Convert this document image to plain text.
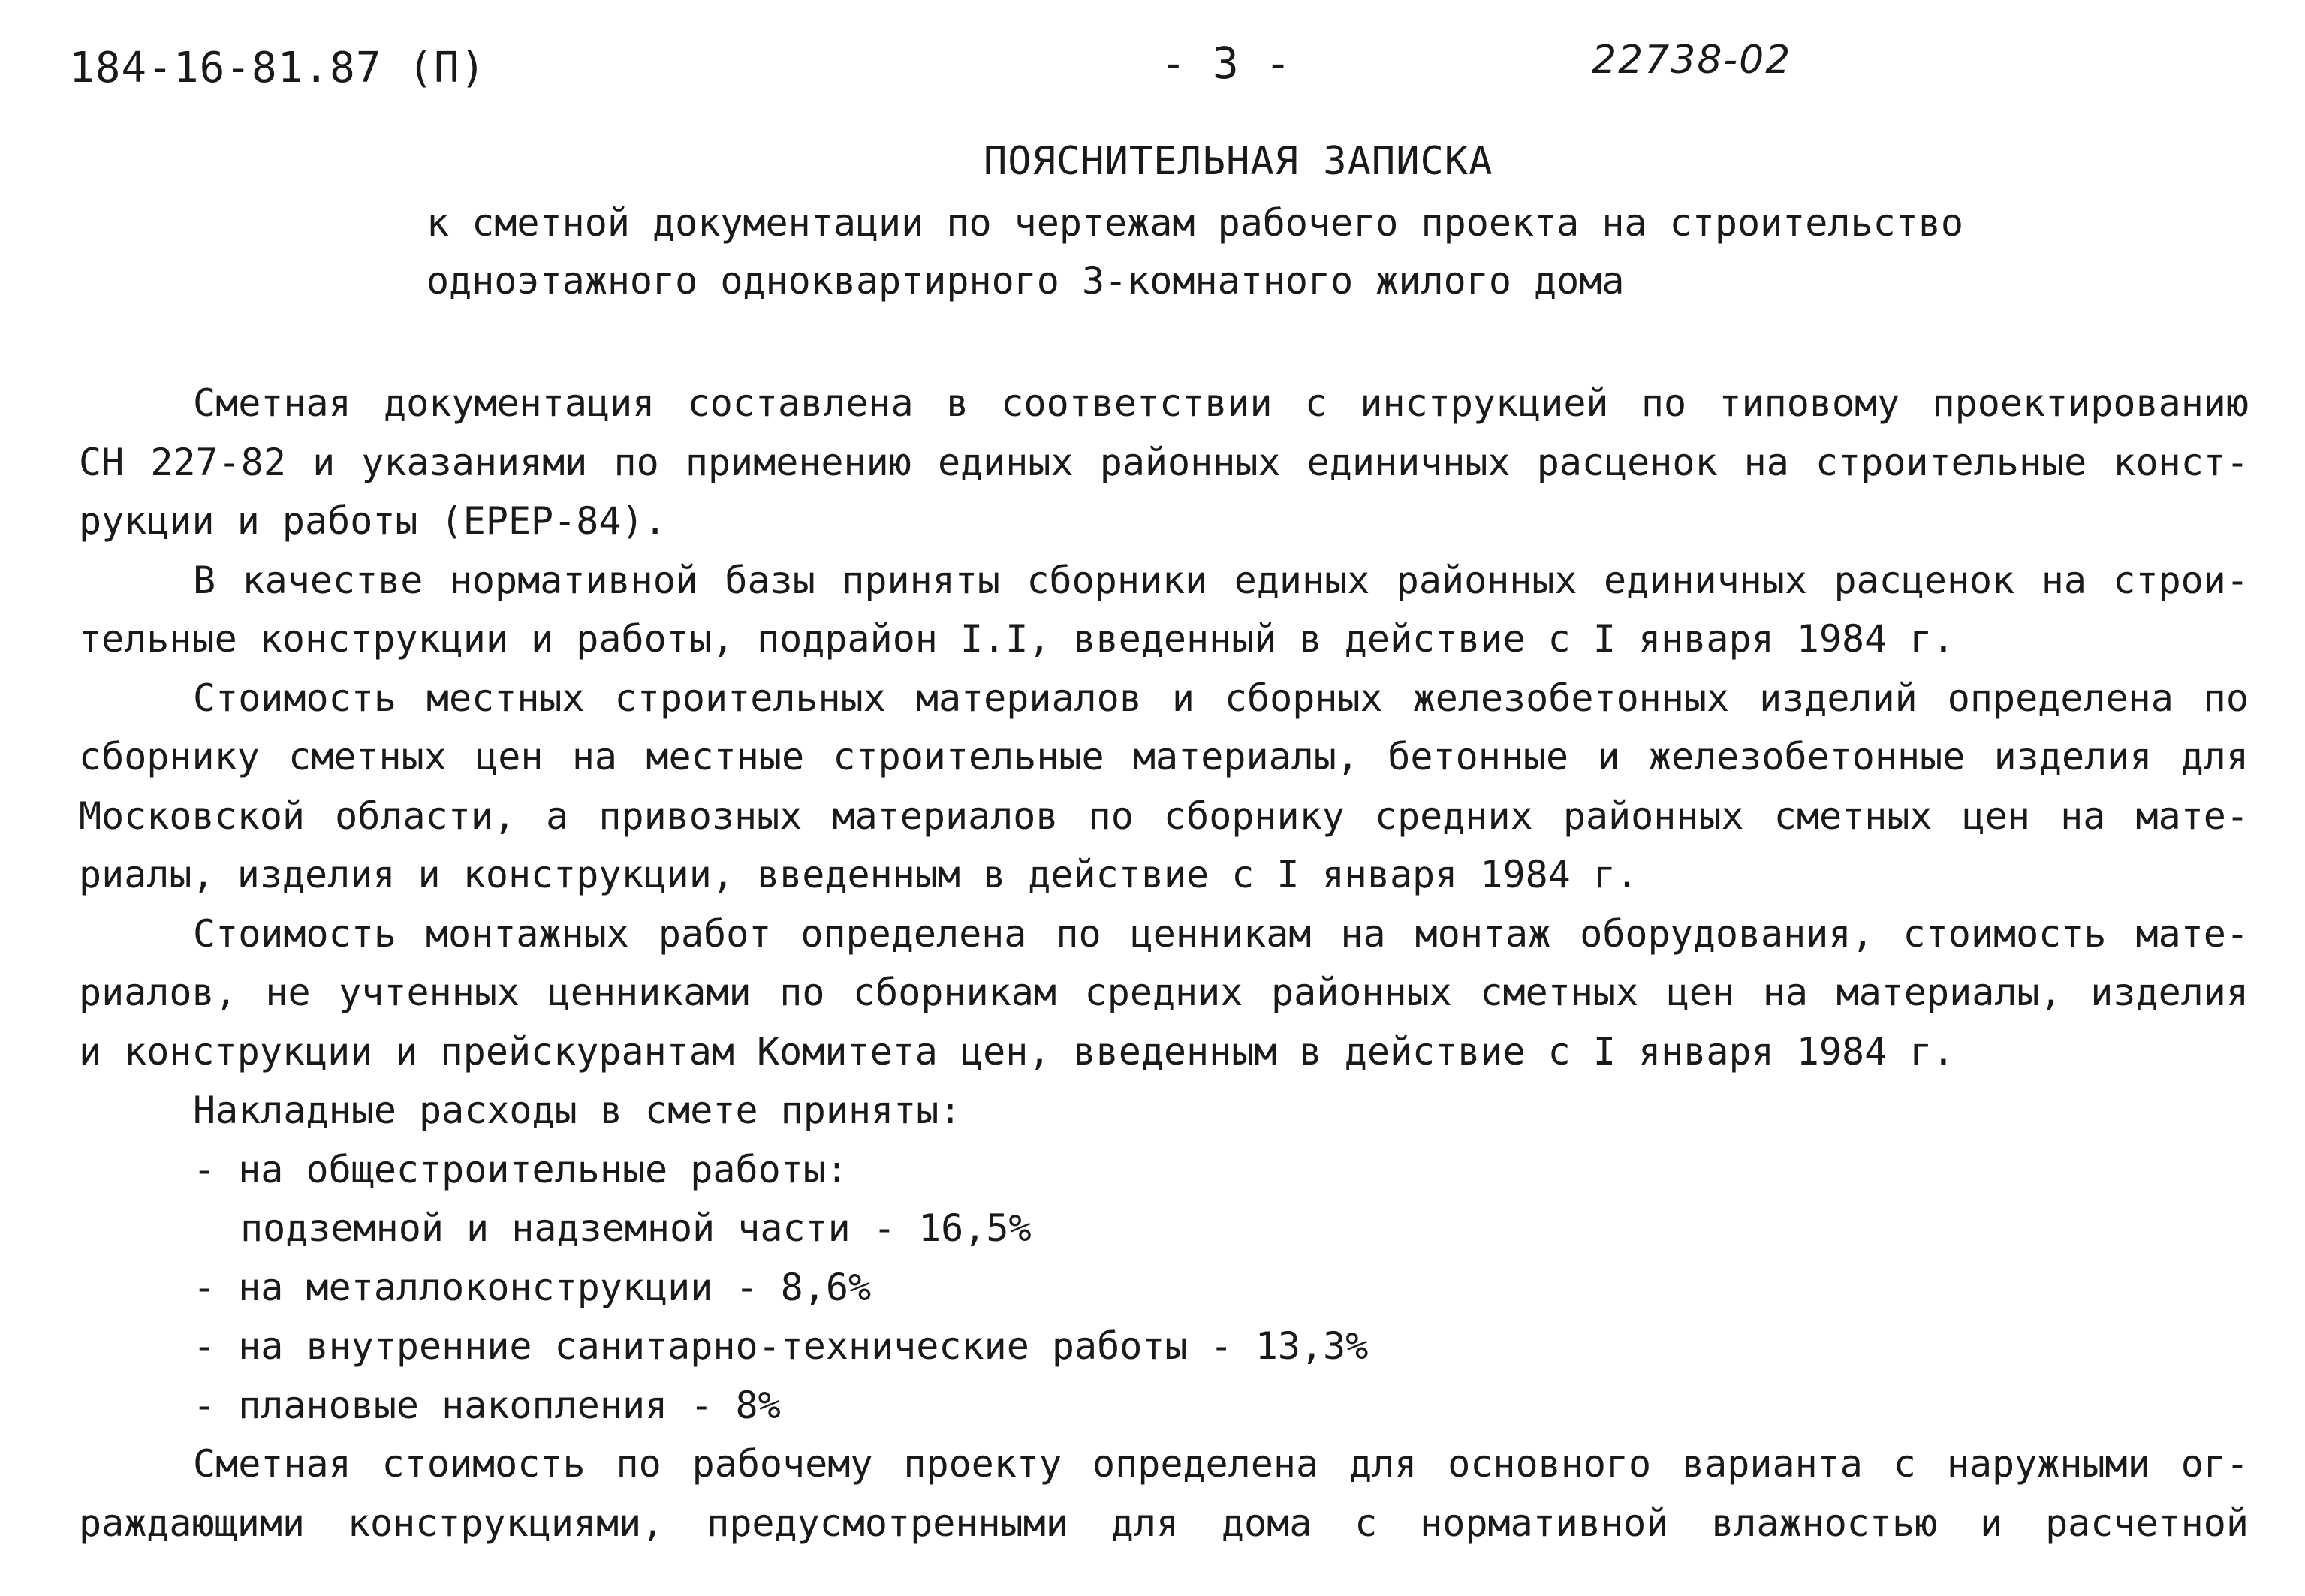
184-16-81.87 (П)	- 3 -	22738-02
ПОЯСНИТЕЛЬНАЯ ЗАПИСКА
к сметной документации по чертежам рабочего проекта на строительство
одноэтажного одноквартирного 3-комнатного жилого дома
Сметная документация составлена в соответствии с инструкцией по типовому проектированию
СН 227-82 и указаниями по применению единых районных единичных расценок на строительные конст-
рукции и работы (ЕРЕР-84).
В качестве нормативной базы приняты сборники единых районных единичных расценок на строи-
тельные конструкции и работы, подрайон I.I, введенный в действие с I января 1984 г.
Стоимость местных строительных материалов и сборных железобетонных изделий определена по
сборнику сметных цен на местные строительные материалы, бетонные и железобетонные изделия для
Московской области, а привозных материалов по сборнику средних районных сметных цен на мате-
риалы, изделия и конструкции, введенным в действие с I января 1984 г.
Стоимость монтажных работ определена по ценникам на монтаж оборудования, стоимость мате-
риалов, не учтенных ценниками по сборникам средних районных сметных цен на материалы, изделия
и конструкции и прейскурантам Комитета цен, введенным в действие с I января 1984 г.
Накладные расходы в смете приняты:
- на общестроительные работы:
подземной и надземной части - 16,5%
- на металлоконструкции - 8,6%
- на внутренние санитарно-технические работы - 13,3%
- плановые накопления - 8%
Сметная стоимость по рабочему проекту определена для основного варианта с наружными ог-
раждающими конструкциями, предусмотренными для дома с нормативной влажностью и расчетной
